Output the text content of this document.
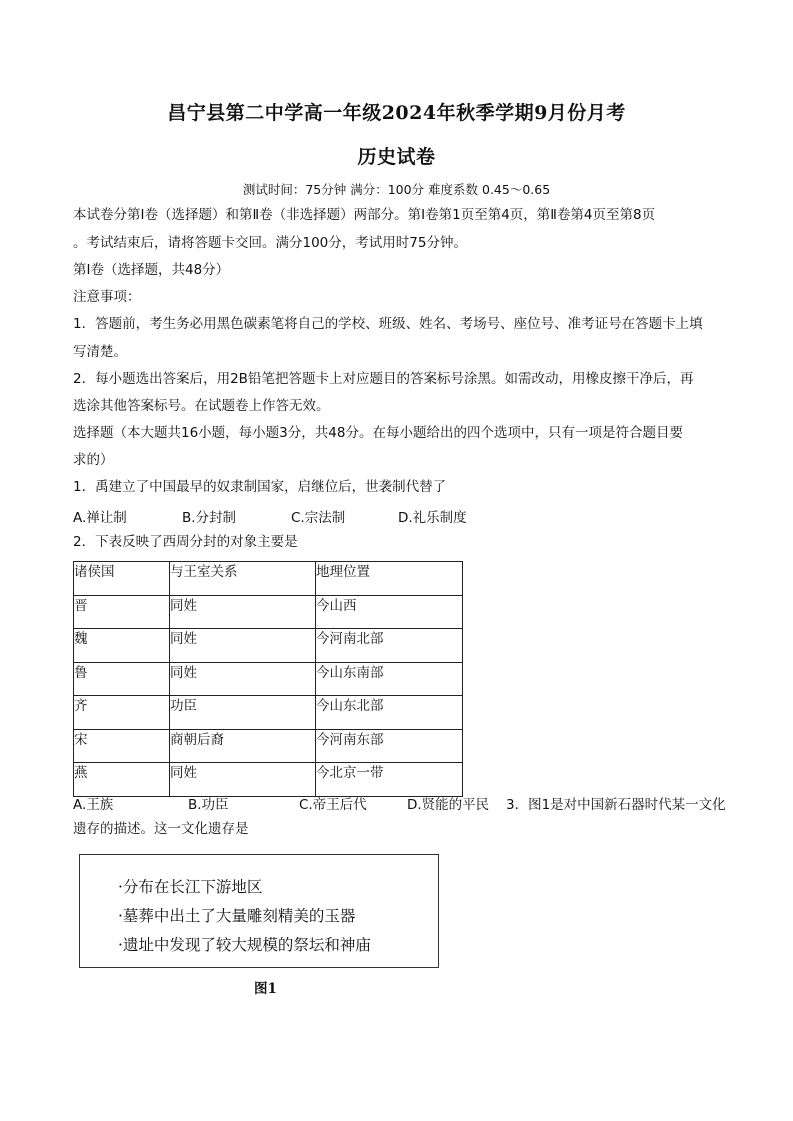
昌宁县第二中学高一年级2024年秋季学期9月份月考
历史试卷
测试时间：75分钟 满分：100分 难度系数 0.45～0.65
本试卷分第Ⅰ卷（选择题）和第Ⅱ卷（非选择题）两部分。第Ⅰ卷第1页至第4页，第Ⅱ卷第4页至第8页
。考试结束后，请将答题卡交回。满分100分，考试用时75分钟。
第Ⅰ卷（选择题，共48分）
注意事项：
1．答题前，考生务必用黑色碳素笔将自己的学校、班级、姓名、考场号、座位号、准考证号在答题卡上填
写清楚。
2．每小题选出答案后，用2B铅笔把答题卡上对应题目的答案标号涂黑。如需改动，用橡皮擦干净后，再
选涂其他答案标号。在试题卷上作答无效。
选择题（本大题共16小题，每小题3分，共48分。在每小题给出的四个选项中，只有一项是符合题目要
求的）
1．禹建立了中国最早的奴隶制国家，启继位后，世袭制代替了
A.禅让制	B.分封制	C.宗法制	D.礼乐制度
2．下表反映了西周分封的对象主要是
诸侯国	与王室关系	地理位置
晋	同姓	今山西
魏	同姓	今河南北部
鲁	同姓	今山东南部
齐	功臣	今山东北部
宋	商朝后裔	今河南东部
燕	同姓	今北京一带
A.王族	B.功臣	C.帝王后代	D.贤能的平民 3．图1是对中国新石器时代某一文化
遗存的描述。这一文化遗存是
·分布在长江下游地区
·墓葬中出土了大量雕刻精美的玉器
·遗址中发现了较大规模的祭坛和神庙
图1
